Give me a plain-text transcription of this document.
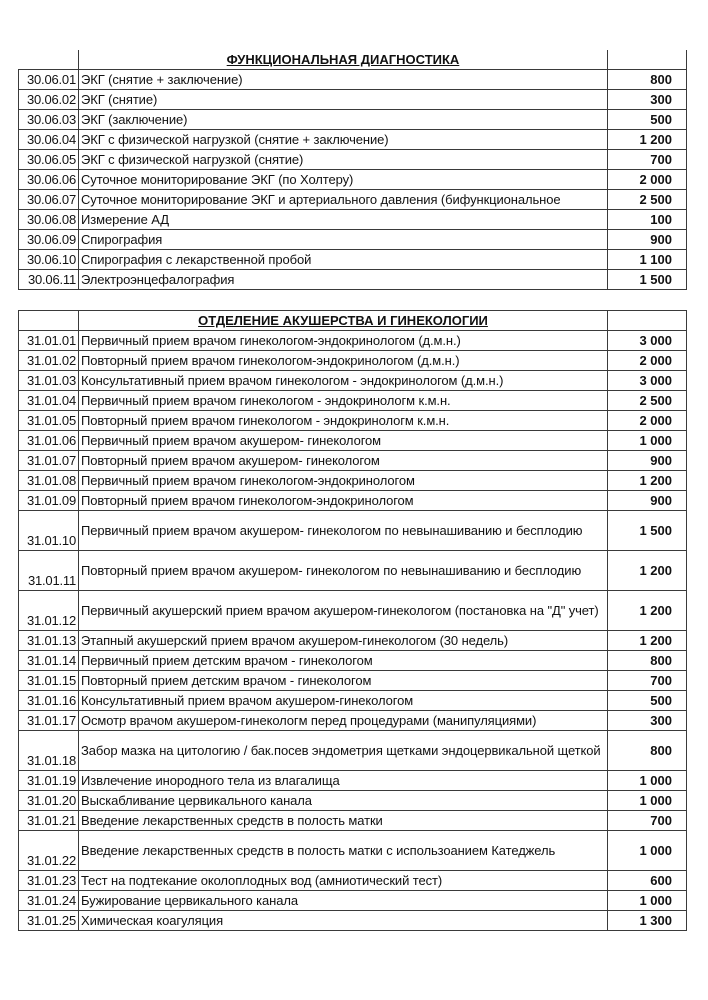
	ФУНКЦИОНАЛЬНАЯ ДИАГНОСТИКА	
30.06.01	ЭКГ (снятие + заключение)	800
30.06.02	ЭКГ (снятие)	300
30.06.03	ЭКГ (заключение)	500
30.06.04	ЭКГ с физической нагрузкой (снятие + заключение)	1 200
30.06.05	ЭКГ с физической нагрузкой (снятие)	700
30.06.06	Суточное мониторирование ЭКГ (по Холтеру)	2 000
30.06.07	Суточное мониторирование ЭКГ и артериального давления (бифункциональное	2 500
30.06.08	Измерение АД	100
30.06.09	Спирография	900
30.06.10	Спирография с лекарственной пробой	1 100
30.06.11	Электроэнцефалография	1 500
	ОТДЕЛЕНИЕ АКУШЕРСТВА И ГИНЕКОЛОГИИ	
31.01.01	Первичный прием врачом гинекологом-эндокринологом (д.м.н.)	3 000
31.01.02	Повторный прием врачом гинекологом-эндокринологом (д.м.н.)	2 000
31.01.03	Консультативный прием врачом гинекологом - эндокринологом (д.м.н.)	3 000
31.01.04	Первичный прием врачом гинекологом - эндокринологм к.м.н.	2 500
31.01.05	Повторный прием врачом гинекологом - эндокринологм к.м.н.	2 000
31.01.06	Первичный прием врачом акушером- гинекологом	1 000
31.01.07	Повторный прием врачом акушером- гинекологом	900
31.01.08	Первичный прием врачом гинекологом-эндокринологом	1 200
31.01.09	Повторный прием врачом гинекологом-эндокринологом	900
31.01.10	Первичный прием врачом акушером- гинекологом по невынашиванию и бесплодию	1 500
31.01.11	Повторный прием врачом акушером- гинекологом по невынашиванию и бесплодию	1 200
31.01.12	Первичный акушерский прием врачом акушером-гинекологом (постановка на "Д" учет)	1 200
31.01.13	Этапный акушерский прием врачом акушером-гинекологом (30 недель)	1 200
31.01.14	Первичный прием детским врачом - гинекологом	800
31.01.15	Повторный прием детским врачом - гинекологом	700
31.01.16	Консультативный прием врачом акушером-гинекологом	500
31.01.17	Осмотр врачом акушером-гинекологм перед процедурами (манипуляциями)	300
31.01.18	Забор мазка на цитологию / бак.посев эндометрия щетками эндоцервикальной щеткой	800
31.01.19	Извлечение инородного тела из влагалища	1 000
31.01.20	Выскабливание цервикального канала	1 000
31.01.21	Введение лекарственных средств в полость матки	700
31.01.22	Введение лекарственных средств в полость матки с использоанием Катеджель	1 000
31.01.23	Тест на подтекание околоплодных вод (амниотический тест)	600
31.01.24	Бужирование цервикального канала	1 000
31.01.25	Химическая коагуляция	1 300
